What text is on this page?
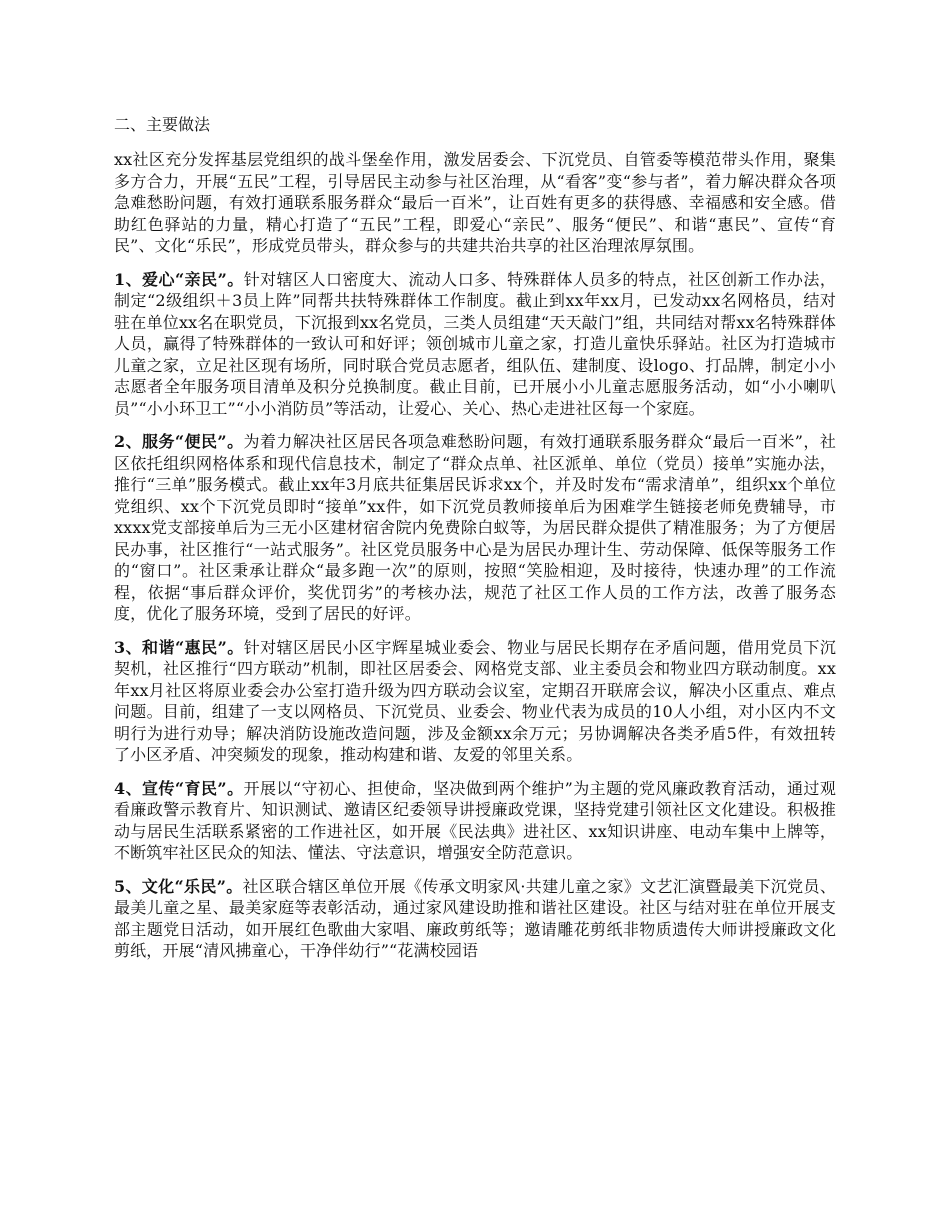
二、主要做法

xx社区充分发挥基层党组织的战斗堡垒作用，激发居委会、下沉党员、自管委等模范带头作用，聚集多方合力，开展“五民”工程，引导居民主动参与社区治理，从“看客”变“参与者”，着力解决群众各项急难愁盼问题，有效打通联系服务群众“最后一百米”，让百姓有更多的获得感、幸福感和安全感。借助红色驿站的力量，精心打造了“五民”工程，即爱心“亲民”、服务“便民”、和谐“惠民”、宣传“育民”、文化“乐民”，形成党员带头，群众参与的共建共治共享的社区治理浓厚氛围。

1、爱心“亲民”。针对辖区人口密度大、流动人口多、特殊群体人员多的特点，社区创新工作办法，制定“2级组织＋3员上阵”同帮共扶特殊群体工作制度。截止到xx年xx月，已发动xx名网格员，结对驻在单位xx名在职党员，下沉报到xx名党员，三类人员组建“天天敲门”组，共同结对帮xx名特殊群体人员，赢得了特殊群体的一致认可和好评；领创城市儿童之家，打造儿童快乐驿站。社区为打造城市儿童之家，立足社区现有场所，同时联合党员志愿者，组队伍、建制度、设logo、打品牌，制定小小志愿者全年服务项目清单及积分兑换制度。截止目前，已开展小小儿童志愿服务活动，如“小小喇叭员”“小小环卫工”“小小消防员”等活动，让爱心、关心、热心走进社区每一个家庭。

2、服务“便民”。为着力解决社区居民各项急难愁盼问题，有效打通联系服务群众“最后一百米”，社区依托组织网格体系和现代信息技术，制定了“群众点单、社区派单、单位（党员）接单”实施办法，推行“三单”服务模式。截止xx年3月底共征集居民诉求xx个，并及时发布“需求清单”，组织xx个单位党组织、xx个下沉党员即时“接单”xx件，如下沉党员教师接单后为困难学生链接老师免费辅导，市xxxx党支部接单后为三无小区建材宿舍院内免费除白蚁等，为居民群众提供了精准服务；为了方便居民办事，社区推行“一站式服务”。社区党员服务中心是为居民办理计生、劳动保障、低保等服务工作的“窗口”。社区秉承让群众“最多跑一次”的原则，按照“笑脸相迎，及时接待，快速办理”的工作流程，依据“事后群众评价，奖优罚劣”的考核办法，规范了社区工作人员的工作方法，改善了服务态度，优化了服务环境，受到了居民的好评。

3、和谐“惠民”。针对辖区居民小区宇辉星城业委会、物业与居民长期存在矛盾问题，借用党员下沉契机，社区推行“四方联动”机制，即社区居委会、网格党支部、业主委员会和物业四方联动制度。xx年xx月社区将原业委会办公室打造升级为四方联动会议室，定期召开联席会议，解决小区重点、难点问题。目前，组建了一支以网格员、下沉党员、业委会、物业代表为成员的10人小组，对小区内不文明行为进行劝导；解决消防设施改造问题，涉及金额xx余万元；另协调解决各类矛盾5件，有效扭转了小区矛盾、冲突频发的现象，推动构建和谐、友爱的邻里关系。

4、宣传“育民”。开展以“守初心、担使命，坚决做到两个维护”为主题的党风廉政教育活动，通过观看廉政警示教育片、知识测试、邀请区纪委领导讲授廉政党课，坚持党建引领社区文化建设。积极推动与居民生活联系紧密的工作进社区，如开展《民法典》进社区、xx知识讲座、电动车集中上牌等，不断筑牢社区民众的知法、懂法、守法意识，增强安全防范意识。

5、文化“乐民”。社区联合辖区单位开展《传承文明家风·共建儿童之家》文艺汇演暨最美下沉党员、最美儿童之星、最美家庭等表彰活动，通过家风建设助推和谐社区建设。社区与结对驻在单位开展支部主题党日活动，如开展红色歌曲大家唱、廉政剪纸等；邀请雕花剪纸非物质遗传大师讲授廉政文化剪纸，开展“清风拂童心，干净伴幼行”“花满校园语
